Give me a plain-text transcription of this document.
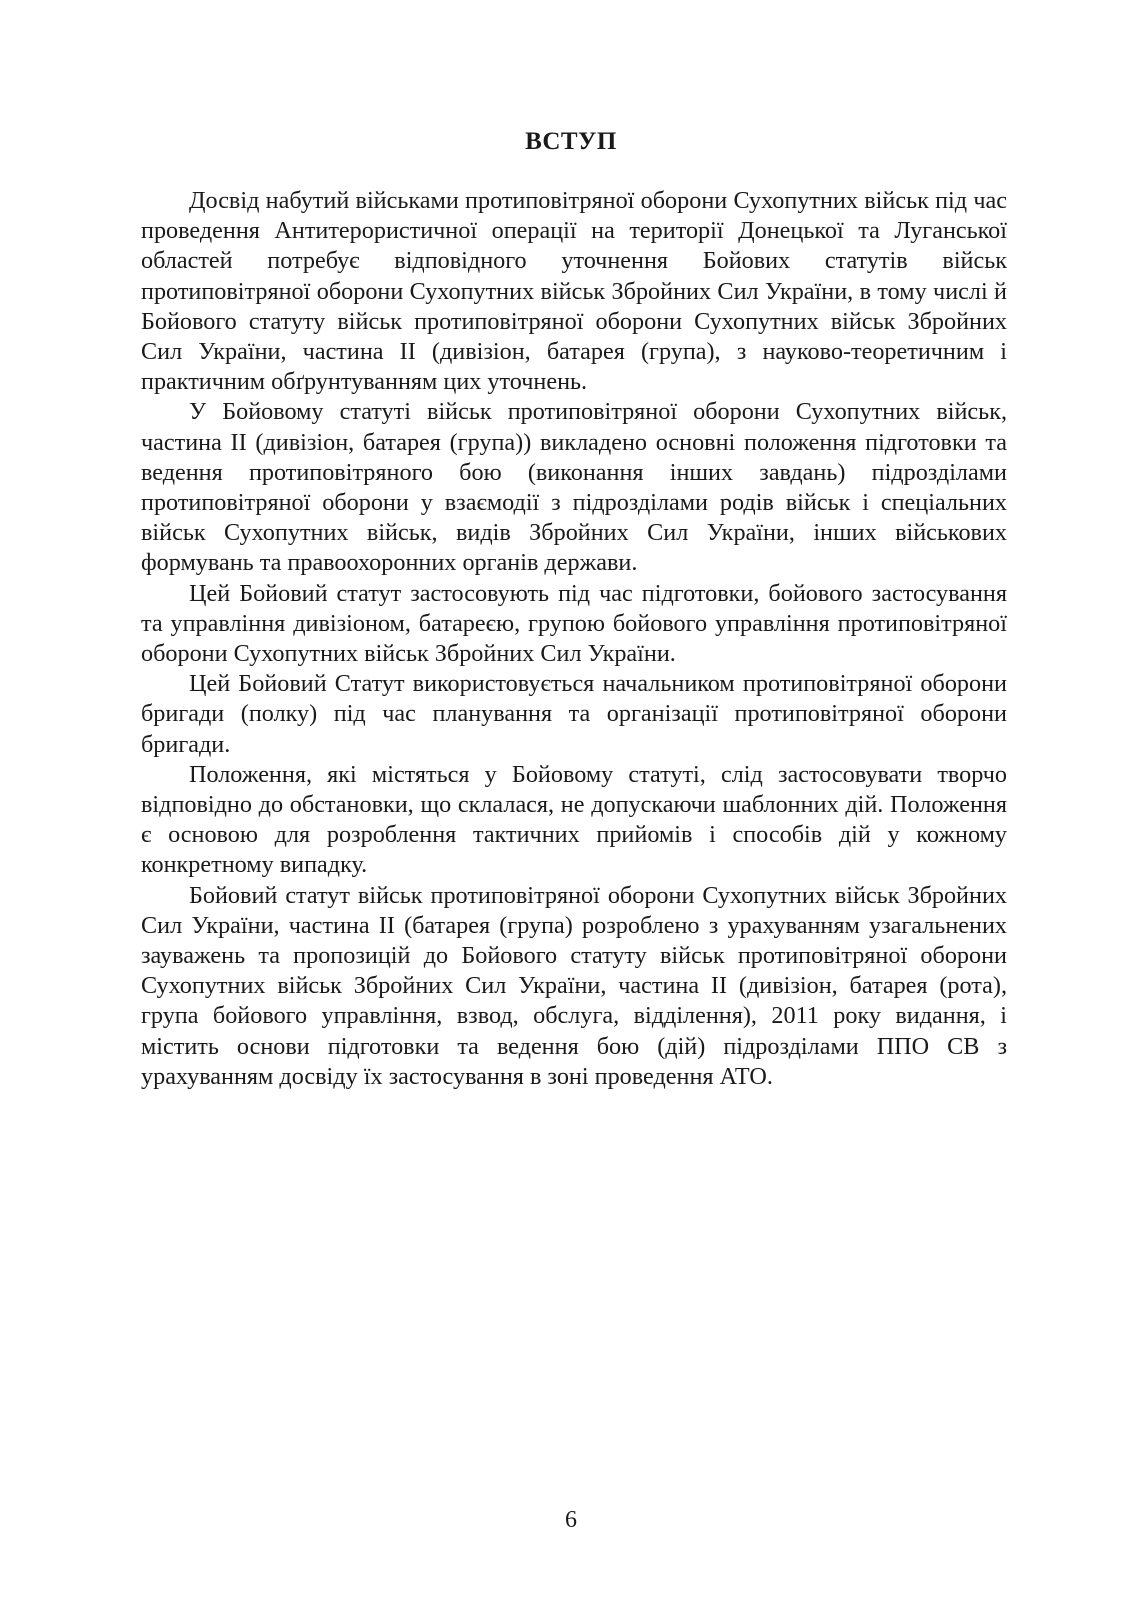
ВСТУП

Досвід набутий військами протиповітряної оборони Сухопутних військ під час проведення Антитерористичної операції на території Донецької та Луганської областей потребує відповідного уточнення Бойових статутів військ протиповітряної оборони Сухопутних військ Збройних Сил України, в тому числі й Бойового статуту військ протиповітряної оборони Сухопутних військ Збройних Сил України, частина ІІ (дивізіон, батарея (група), з науково-теоретичним і практичним обґрунтуванням цих уточнень.

У Бойовому статуті військ протиповітряної оборони Сухопутних військ, частина ІІ (дивізіон, батарея (група)) викладено основні положення підготовки та ведення протиповітряного бою (виконання інших завдань) підрозділами протиповітряної оборони у взаємодії з підрозділами родів військ і спеціальних військ Сухопутних військ, видів Збройних Сил України, інших військових формувань та правоохоронних органів держави.

Цей Бойовий статут застосовують під час підготовки, бойового застосування та управління дивізіоном, батареєю, групою бойового управління протиповітряної оборони Сухопутних військ Збройних Сил України.

Цей Бойовий Статут використовується начальником протиповітряної оборони бригади (полку) під час планування та організації протиповітряної оборони бригади.

Положення, які містяться у Бойовому статуті, слід застосовувати творчо відповідно до обстановки, що склалася, не допускаючи шаблонних дій. Положення є основою для розроблення тактичних прийомів і способів дій у кожному конкретному випадку.

Бойовий статут військ протиповітряної оборони Сухопутних військ Збройних Сил України, частина ІІ (батарея (група) розроблено з урахуванням узагальнених зауважень та пропозицій до Бойового статуту військ протиповітряної оборони Сухопутних військ Збройних Сил України, частина ІІ (дивізіон, батарея (рота), група бойового управління, взвод, обслуга, відділення), 2011 року видання, і містить основи підготовки та ведення бою (дій) підрозділами ППО СВ з урахуванням досвіду їх застосування в зоні проведення АТО.

6
